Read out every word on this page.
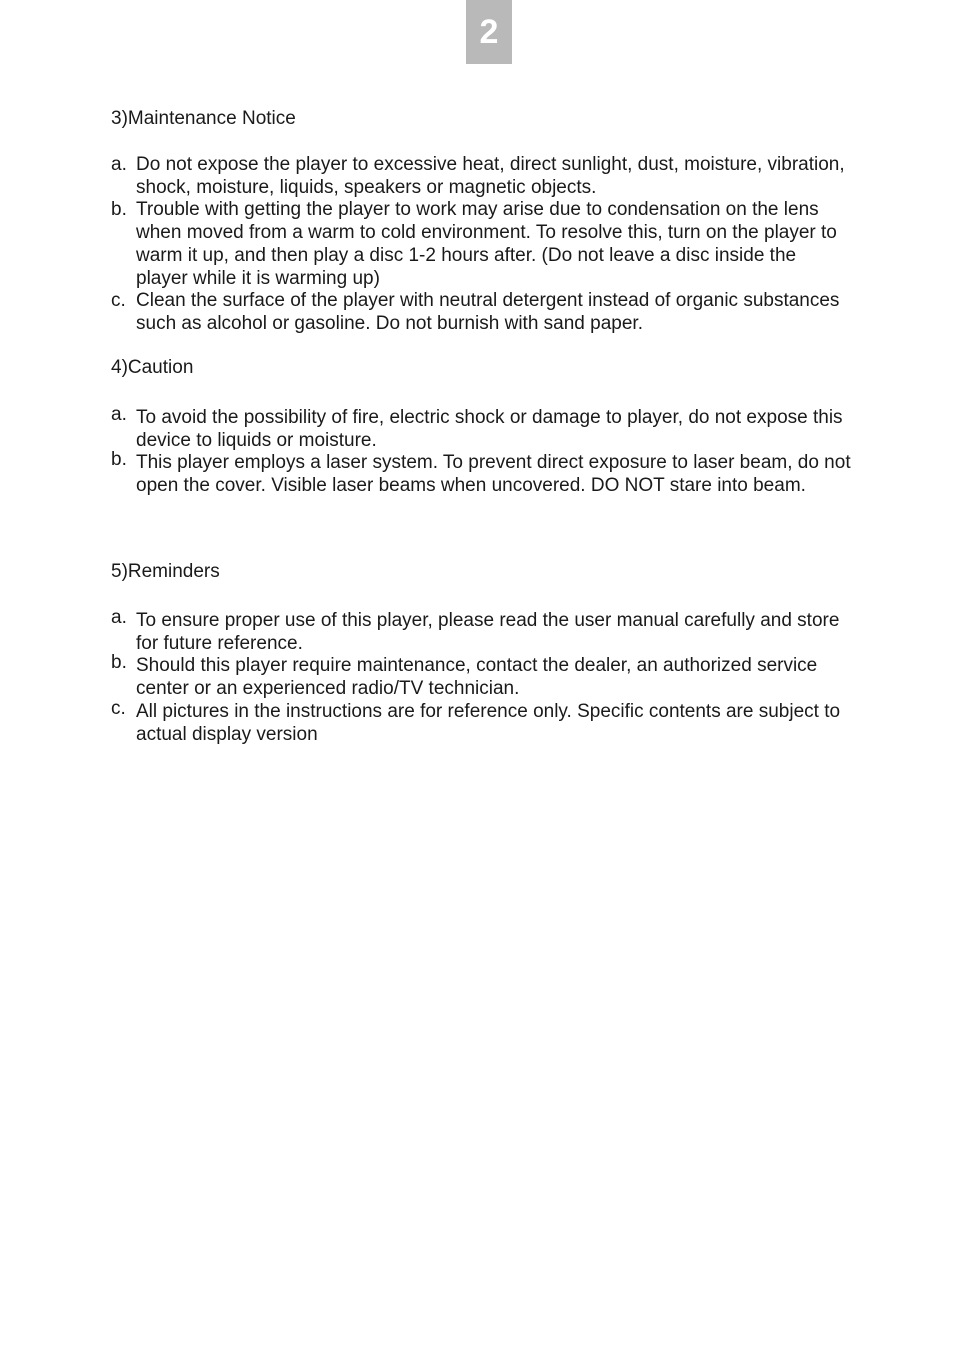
2
3)Maintenance Notice
a. Do not expose the player to excessive heat, direct sunlight, dust, moisture, vibration, shock, moisture, liquids, speakers or magnetic objects.
b. Trouble with getting the player to work may arise due to condensation on the lens when moved from a warm to cold environment. To resolve this, turn on the player to warm it up, and then play a disc 1-2 hours after. (Do not leave a disc inside the player while it is warming up)
c. Clean the surface of the player with neutral detergent instead of organic substances such as alcohol or gasoline. Do not burnish with sand paper.
4)Caution
a. To avoid the possibility of fire, electric shock or damage to player, do not expose this device to liquids or moisture.
b. This player employs a laser system. To prevent direct exposure to laser beam, do not open the cover. Visible laser beams when uncovered. DO NOT stare into beam.
5)Reminders
a. To ensure proper use of this player, please read the user manual carefully and store for future reference.
b. Should this player require maintenance, contact the dealer, an authorized service center or an experienced radio/TV technician.
c. All pictures in the instructions are for reference only. Specific contents are subject to actual display version
